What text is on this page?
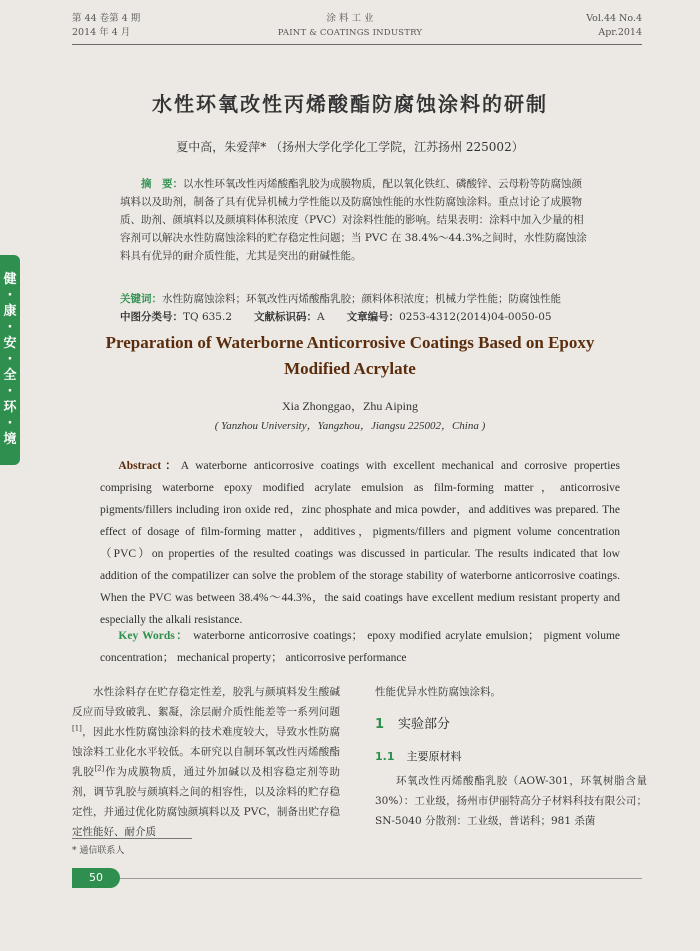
第 44 卷第 4 期
2014 年 4 月
涂 料 工 业
PAINT & COATINGS INDUSTRY
Vol.44 No.4
Apr.2014
健·康·安·全·环·境
水性环氧改性丙烯酸酯防腐蚀涂料的研制
夏中高，朱爱萍* （扬州大学化学化工学院，江苏扬州 225002）
摘　要：以水性环氧改性丙烯酸酯乳胶为成膜物质，配以氧化铁红、磷酸锌、云母粉等防腐蚀颜填料以及助剂，制备了具有优异机械力学性能以及防腐蚀性能的水性防腐蚀涂料。重点讨论了成膜物质、助剂、颜填料以及颜填料体积浓度（PVC）对涂料性能的影响。结果表明：涂料中加入少量的相容剂可以解决水性防腐蚀涂料的贮存稳定性问题；当 PVC 在 38.4%～44.3%之间时，水性防腐蚀涂料具有优异的耐介质性能，尤其是突出的耐碱性能。
关键词：水性防腐蚀涂料；环氧改性丙烯酸酯乳胶；颜料体积浓度；机械力学性能；防腐蚀性能
中图分类号：TQ 635.2 文献标识码：A 文章编号：0253-4312(2014)04-0050-05
Preparation of Waterborne Anticorrosive Coatings Based on Epoxy Modified Acrylate
Xia Zhonggao，Zhu Aiping
( Yanzhou University，Yangzhou，Jiangsu 225002，China )
Abstract：A waterborne anticorrosive coatings with excellent mechanical and corrosive properties comprising waterborne epoxy modified acrylate emulsion as film-forming matter，anticorrosive pigments/fillers including iron oxide red，zinc phosphate and mica powder，and additives was prepared. The effect of dosage of film-forming matter，additives，pigments/fillers and pigment volume concentration（PVC）on properties of the resulted coatings was discussed in particular. The results indicated that low addition of the compatilizer can solve the problem of the storage stability of waterborne anticorrosive coatings. When the PVC was between 38.4%～44.3%，the said coatings have excellent medium resistant property and especially the alkali resistance.
Key Words： waterborne anticorrosive coatings； epoxy modified acrylate emulsion； pigment volume concentration； mechanical property； anticorrosive performance
水性涂料存在贮存稳定性差，胶乳与颜填料发生酸碱反应而导致破乳、絮凝，涂层耐介质性能差等一系列问题[1]，因此水性防腐蚀涂料的技术难度较大，导致水性防腐蚀涂料工业化水平较低。本研究以自制环氧改性丙烯酸酯乳胶[2]作为成膜物质，通过外加碱以及相容稳定剂等助剂，调节乳胶与颜填料之间的相容性，以及涂料的贮存稳定性，并通过优化防腐蚀颜填料以及 PVC，制备出贮存稳定性能好、耐介质
性能优异水性防腐蚀涂料。
1 实验部分
1.1 主要原材料
环氧改性丙烯酸酯乳胶（AOW-301，环氧树脂含量 30%）：工业级，扬州市伊丽特高分子材料科技有限公司；SN-5040 分散剂：工业级，普诺科；981 杀菌
* 通信联系人
50
